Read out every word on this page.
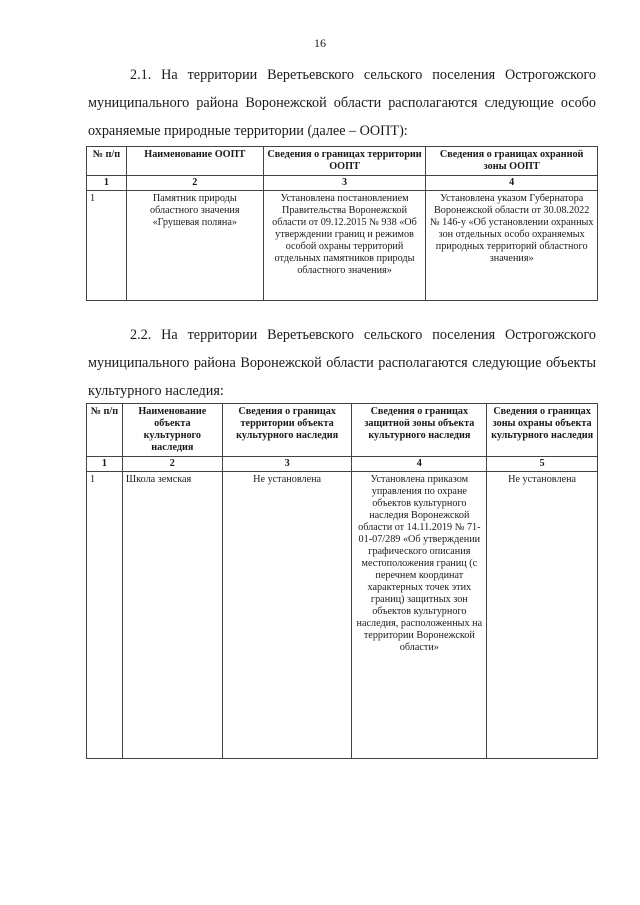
16

2.1. На территории Веретьевского сельского поселения Острогожского муниципального района Воронежской области располагаются следующие особо охраняемые природные территории (далее – ООПТ):

№ п/п	Наименование ООПТ	Сведения о границах территории ООПТ	Сведения о границах охранной зоны ООПТ
1	2	3	4
1	Памятник природы областного значения «Грушевая поляна»	Установлена постановлением Правительства Воронежской области от 09.12.2015 № 938 «Об утверждении границ и режимов особой охраны территорий отдельных памятников природы областного значения»	Установлена указом Губернатора Воронежской области от 30.08.2022 № 146-у «Об установлении охранных зон отдельных особо охраняемых природных территорий областного значения»

2.2. На территории Веретьевского сельского поселения Острогожского муниципального района Воронежской области располагаются следующие объекты культурного наследия:

№ п/п	Наименование объекта культурного наследия	Сведения о границах территории объекта культурного наследия	Сведения о границах защитной зоны объекта культурного наследия	Сведения о границах зоны охраны объекта культурного наследия
1	2	3	4	5
1	Школа земская	Не установлена	Установлена приказом управления по охране объектов культурного наследия Воронежской области от 14.11.2019 № 71-01-07/289 «Об утверждении графического описания местоположения границ (с перечнем координат характерных точек этих границ) защитных зон объектов культурного наследия, расположенных на территории Воронежской области»	Не установлена
